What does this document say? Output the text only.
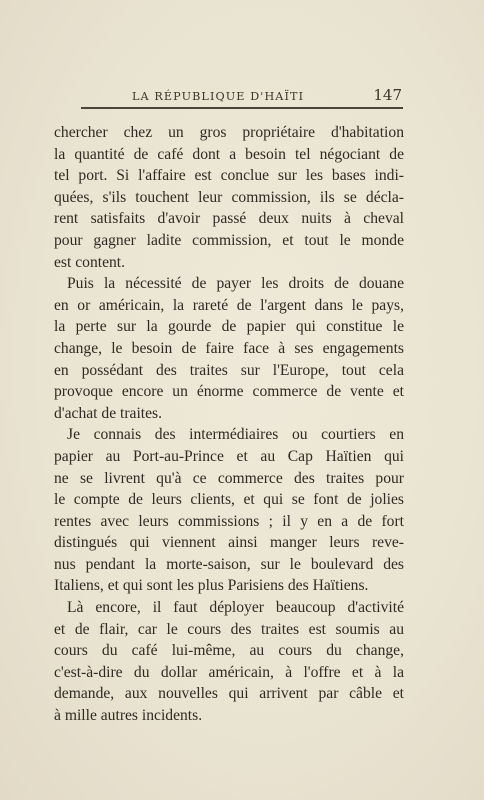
LA RÉPUBLIQUE D'HAÏTI	147

chercher chez un gros propriétaire d'habitation
la quantité de café dont a besoin tel négociant de
tel port. Si l'affaire est conclue sur les bases indi-
quées, s'ils touchent leur commission, ils se décla-
rent satisfaits d'avoir passé deux nuits à cheval
pour gagner ladite commission, et tout le monde
est content.

Puis la nécessité de payer les droits de douane
en or américain, la rareté de l'argent dans le pays,
la perte sur la gourde de papier qui constitue le
change, le besoin de faire face à ses engagements
en possédant des traites sur l'Europe, tout cela
provoque encore un énorme commerce de vente et
d'achat de traites.

Je connais des intermédiaires ou courtiers en
papier au Port-au-Prince et au Cap Haïtien qui
ne se livrent qu'à ce commerce des traites pour
le compte de leurs clients, et qui se font de jolies
rentes avec leurs commissions ; il y en a de fort
distingués qui viennent ainsi manger leurs reve-
nus pendant la morte-saison, sur le boulevard des
Italiens, et qui sont les plus Parisiens des Haïtiens.

Là encore, il faut déployer beaucoup d'activité
et de flair, car le cours des traites est soumis au
cours du café lui-même, au cours du change,
c'est-à-dire du dollar américain, à l'offre et à la
demande, aux nouvelles qui arrivent par câble et
à mille autres incidents.
